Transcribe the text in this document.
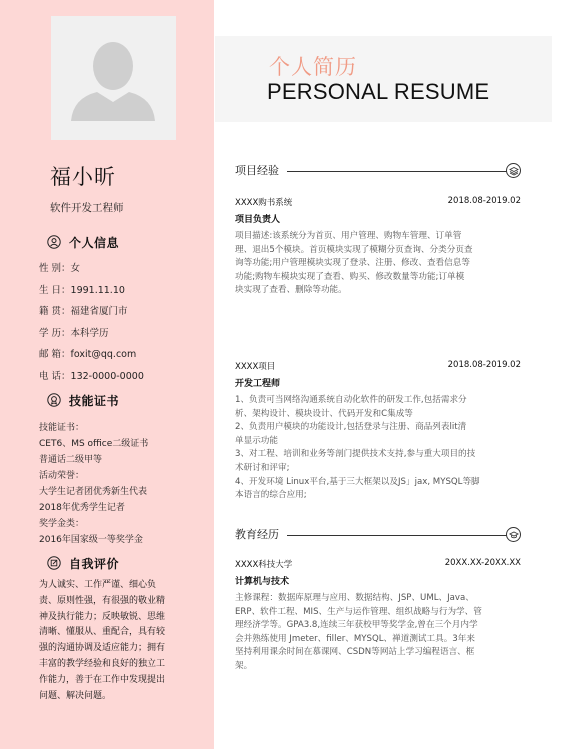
福小昕
软件开发工程师
个人信息
性 别：女
生 日：1991.11.10
籍 贯：福建省厦门市
学 历：本科学历
邮 箱：foxit@qq.com
电 话：132-0000-0000
技能证书
技能证书：
CET6、MS office二级证书
普通话二级甲等
活动荣誉：
大学生记者团优秀新生代表
2018年优秀学生记者
奖学金类：
2016年国家级一等奖学金
自我评价
为人诚实、工作严谨、细心负
责、原则性强，有很强的敬业精
神及执行能力；反映敏锐、思维
清晰、懂服从、重配合，具有较
强的沟通协调及适应能力；拥有
丰富的教学经验和良好的独立工
作能力，善于在工作中发现提出
问题、解决问题。
个人简历
PERSONAL RESUME
项目经验
XXXX购书系统	2018.08-2019.02
项目负责人
项目描述:该系统分为首页、用户管理、购物车管理、订单管
理、退出5个模块。首页模块实现了模糊分页查询、分类分页查
询等功能;用户管理模块实现了登录、注册、修改、查看信息等
功能;购物车模块实现了查看、购买、修改数量等功能;订单模
块实现了查看、删除等功能。
XXXX项目	2018.08-2019.02
开发工程师
1、负责可当网络沟通系统自动化软件的研发工作,包括需求分
析、架构设计、模块设计、代码开发和C集成等
2、负责用户模块的功能设计,包括登录与注册、商品列表lit清
单显示功能
3、对工程、培训和业务等剖门提供技术支持,参与重大项目的技
术研讨和评审;
4、开发环境 Linux平台,基于三大框架以及JS」jax, MYSQL等脚
本语言的综合应用;
教育经历
XXXX科技大学	20XX.XX-20XX.XX
计算机与技术
主修课程：数据库原理与应用、数据结构、JSP、UML、Java、
ERP、软件工程、MIS、生产与运作管理、组织战略与行为学、管
理经济学等。GPA3.8,连续三年获校甲等奖学金,曾在三个月内学
会并熟练使用 Jmeter、filler、MYSQL、禅道测试工具。3年来
坚持利用课余时间在慕课网、CSDN等网站上学习编程语言、框
架。
